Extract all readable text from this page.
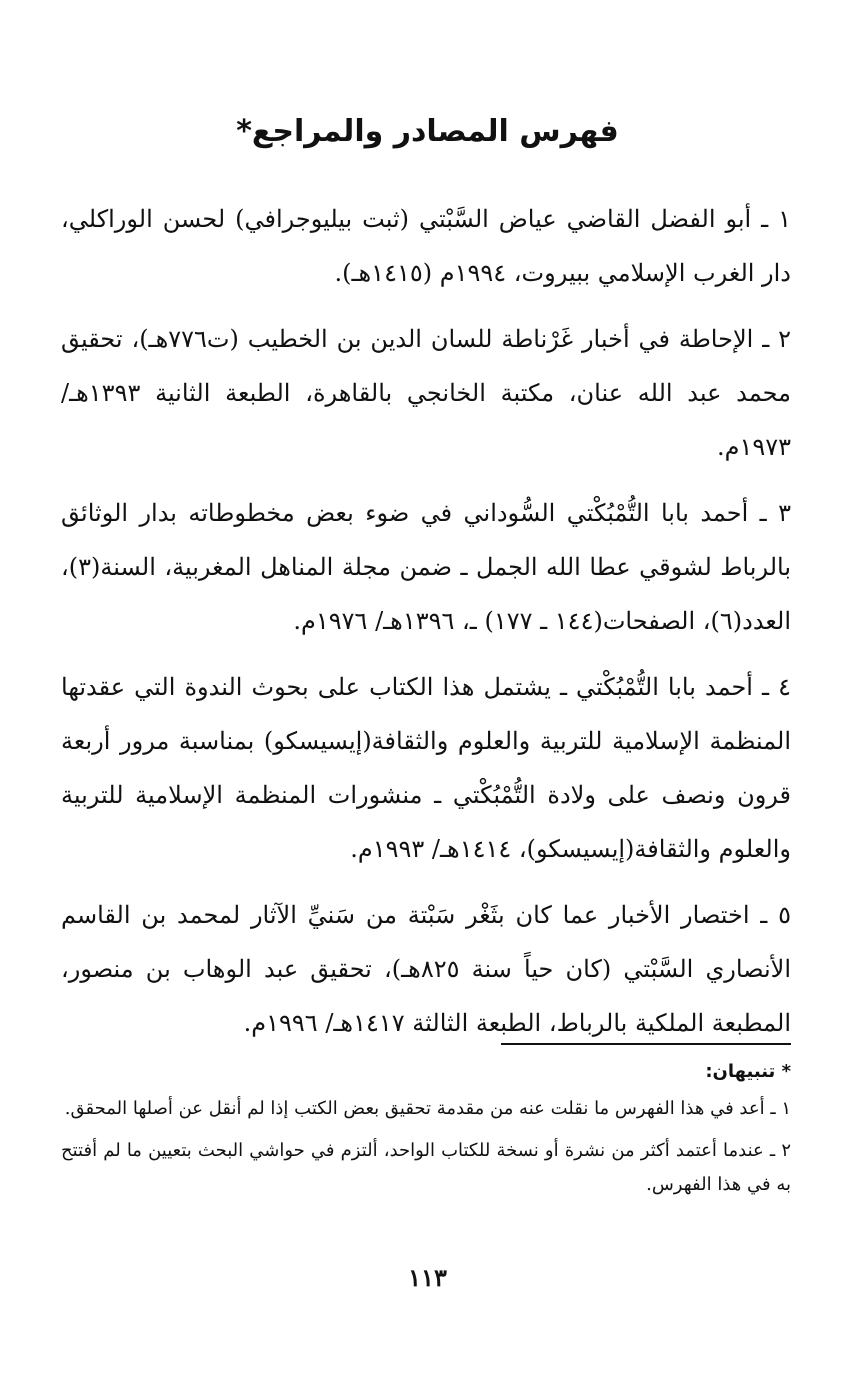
فهرس المصادر والمراجع*
١ ـ أبو الفضل القاضي عياض السَّبْتي (ثبت بيليوجرافي) لحسن الوراكلي، دار الغرب الإسلامي ببيروت، ١٩٩٤م (١٤١٥هـ).
٢ ـ الإحاطة في أخبار غَرْناطة للسان الدين بن الخطيب (ت٧٧٦هـ)، تحقيق محمد عبد الله عنان، مكتبة الخانجي بالقاهرة، الطبعة الثانية ١٣٩٣هـ/ ١٩٧٣م.
٣ ـ أحمد بابا التُّمْبُكْتي السُّوداني في ضوء بعض مخطوطاته بدار الوثائق بالرباط لشوقي عطا الله الجمل ـ ضمن مجلة المناهل المغربية، السنة(٣)، العدد(٦)، الصفحات(١٤٤ ـ ١٧٧) ـ، ١٣٩٦هـ/ ١٩٧٦م.
٤ ـ أحمد بابا التُّمْبُكْتي ـ يشتمل هذا الكتاب على بحوث الندوة التي عقدتها المنظمة الإسلامية للتربية والعلوم والثقافة(إيسيسكو) بمناسبة مرور أربعة قرون ونصف على ولادة التُّمْبُكْتي ـ منشورات المنظمة الإسلامية للتربية والعلوم والثقافة(إيسيسكو)، ١٤١٤هـ/ ١٩٩٣م.
٥ ـ اختصار الأخبار عما كان بثَغْر سَبْتة من سَنيِّ الآثار لمحمد بن القاسم الأنصاري السَّبْتي (كان حياً سنة ٨٢٥هـ)، تحقيق عبد الوهاب بن منصور، المطبعة الملكية بالرباط، الطبعة الثالثة ١٤١٧هـ/ ١٩٩٦م.
* تنبيهان:
١ ـ أعد في هذا الفهرس ما نقلت عنه من مقدمة تحقيق بعض الكتب إذا لم أنقل عن أصلها المحقق.
٢ ـ عندما أعتمد أكثر من نشرة أو نسخة للكتاب الواحد، ألتزم في حواشي البحث بتعيين ما لم أفتتح به في هذا الفهرس.
١١٣
